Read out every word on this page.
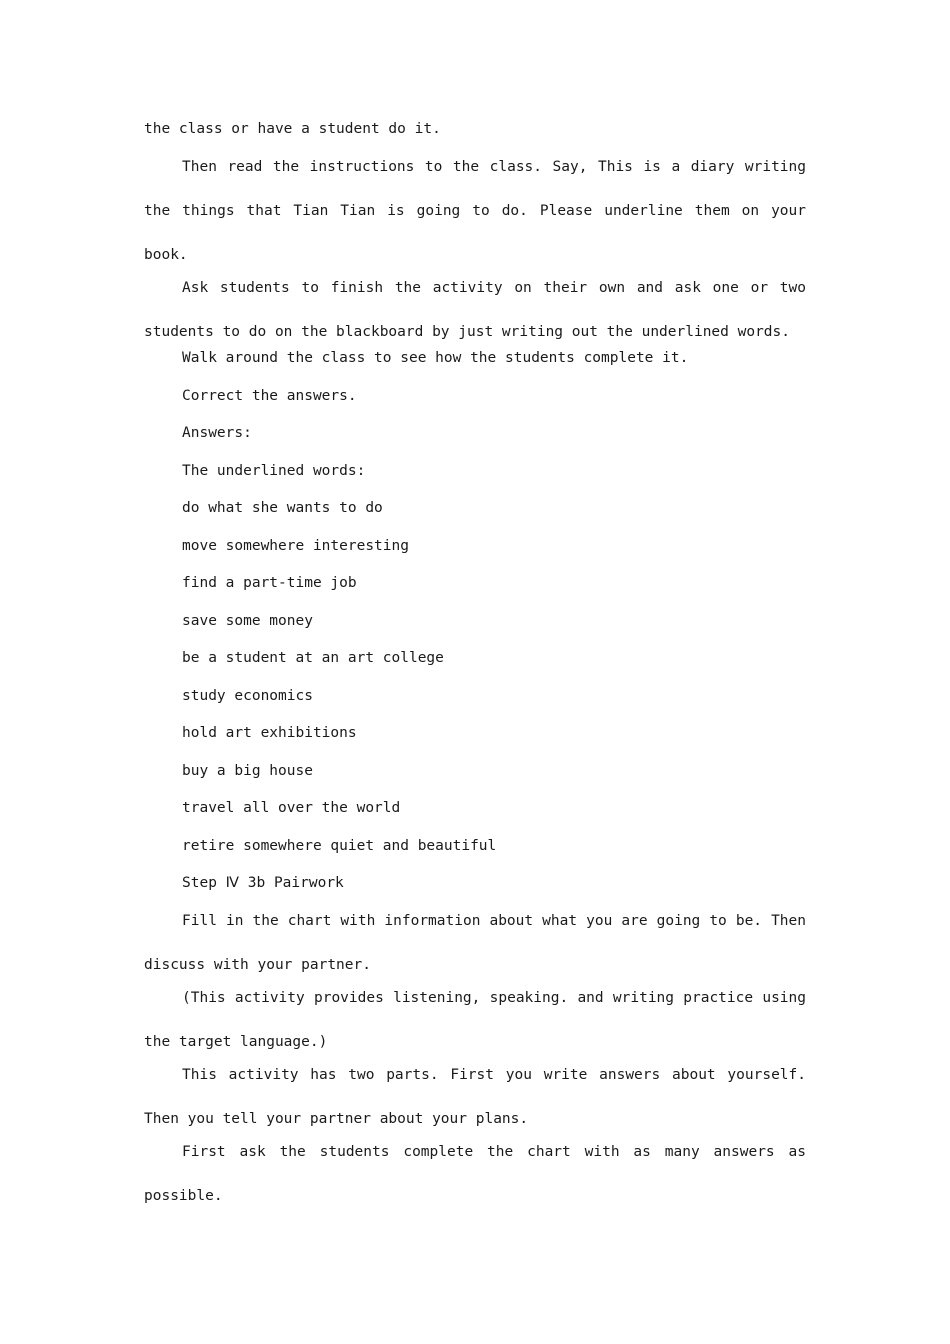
the class or have a student do it.

Then read the instructions to the class. Say, This is a diary writing the things that Tian Tian is going to do. Please underline them on your book.

Ask students to finish the activity on their own and ask one or two students to do on the blackboard by just writing out the underlined words.

Walk around the class to see how the students complete it.

Correct the answers.

Answers:

The underlined words:

do what she wants to do

move somewhere interesting

find a part-time job

save some money

be a student at an art college

study economics

hold art exhibitions

buy a big house

travel all over the world

retire somewhere quiet and beautiful

Step Ⅳ 3b Pairwork

Fill in the chart with information about what you are going to be. Then discuss with your partner.

(This activity provides listening, speaking. and writing practice using the target language.)

This activity has two parts. First you write answers about yourself. Then you tell your partner about your plans.

First ask the students complete the chart with as many answers as possible.
